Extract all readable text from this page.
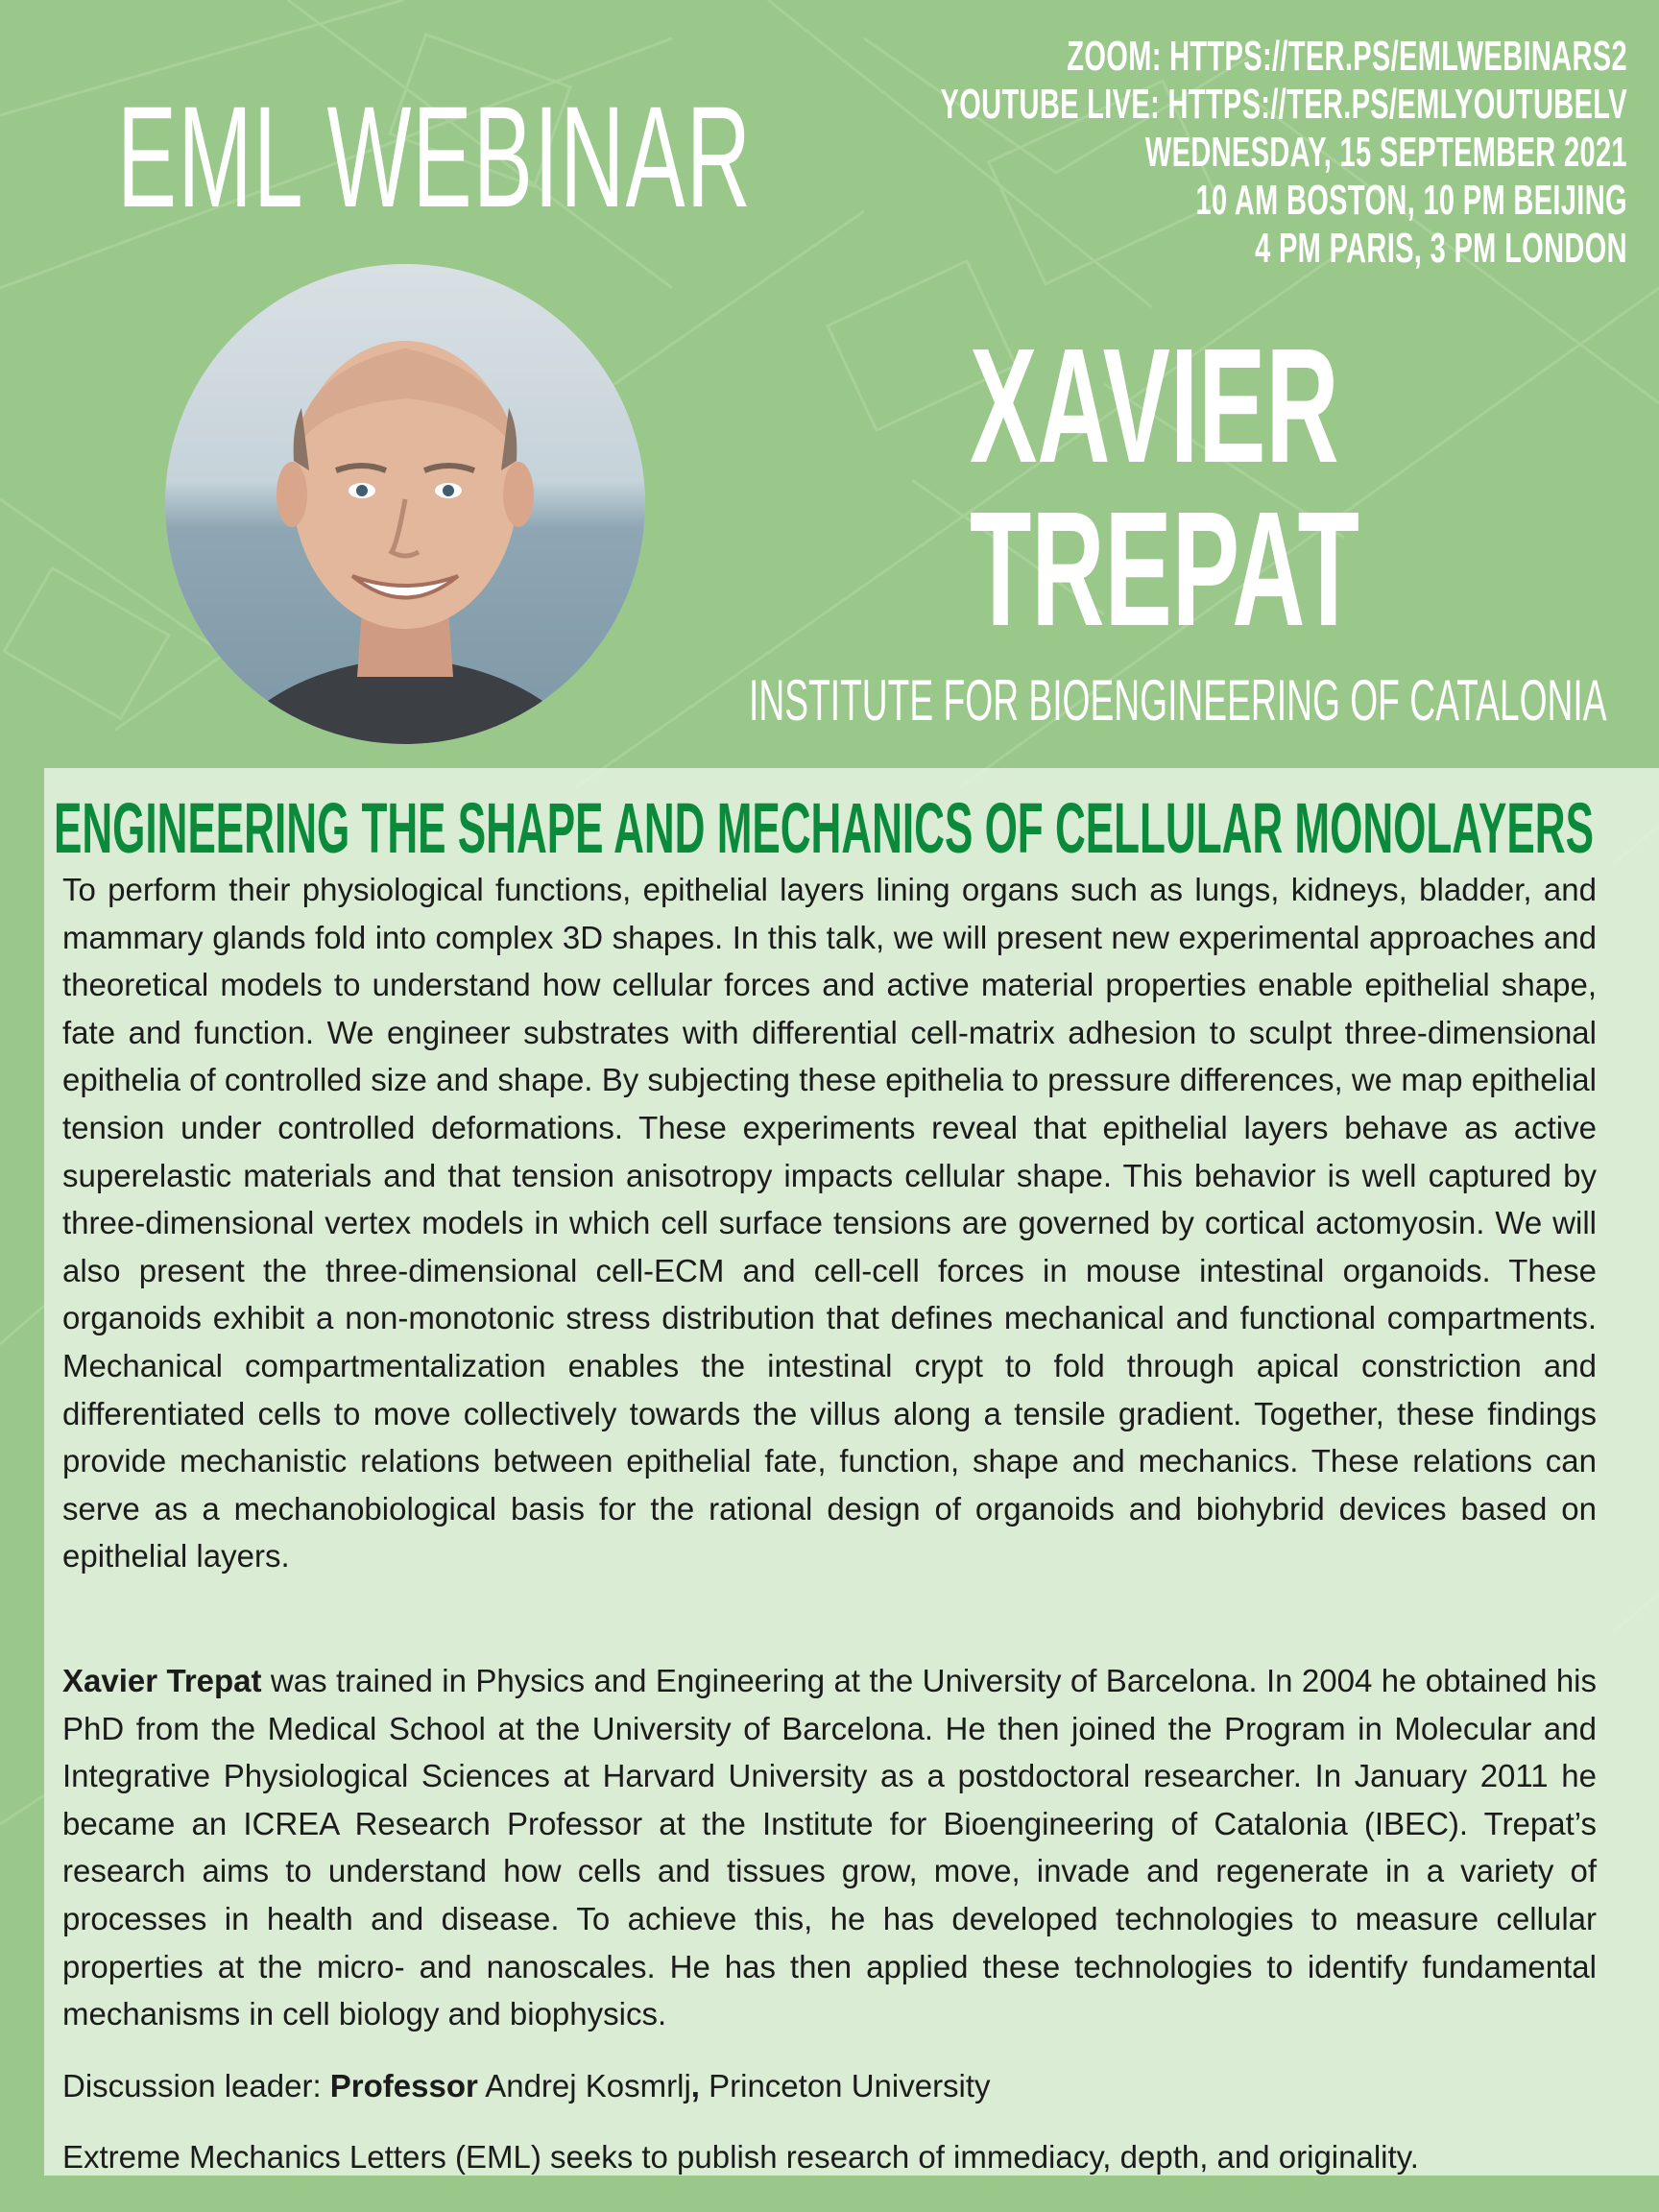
EML WEBINAR
ZOOM: HTTPS://TER.PS/EMLWEBINARS2
YOUTUBE LIVE: HTTPS://TER.PS/EMLYOUTUBELV
WEDNESDAY, 15 SEPTEMBER 2021
10 AM BOSTON, 10 PM BEIJING
4 PM PARIS, 3 PM LONDON
XAVIER
TREPAT
INSTITUTE FOR BIOENGINEERING OF CATALONIA
ENGINEERING THE SHAPE AND MECHANICS OF CELLULAR MONOLAYERS
To perform their physiological functions, epithelial layers lining organs such as lungs, kidneys, bladder, and mammary glands fold into complex 3D shapes. In this talk, we will present new experimental approaches and theoretical models to understand how cellular forces and active material properties enable epithelial shape, fate and function. We engineer substrates with differential cell-matrix adhesion to sculpt three-dimensional epithelia of controlled size and shape. By subjecting these epithelia to pressure differences, we map epithelial tension under controlled deformations. These experiments reveal that epithelial layers behave as active superelastic materials and that tension anisotropy impacts cellular shape. This behavior is well captured by three-dimensional vertex models in which cell surface tensions are governed by cortical actomyosin. We will also present the three-dimensional cell-ECM and cell-cell forces in mouse intestinal organoids. These organoids exhibit a non-monotonic stress distribution that defines mechanical and functional compartments. Mechanical compartmentalization enables the intestinal crypt to fold through apical constriction and differentiated cells to move collectively towards the villus along a tensile gradient. Together, these findings provide mechanistic relations between epithelial fate, function, shape and mechanics. These relations can serve as a mechanobiological basis for the rational design of organoids and biohybrid devices based on epithelial layers.
Xavier Trepat was trained in Physics and Engineering at the University of Barcelona. In 2004 he obtained his PhD from the Medical School at the University of Barcelona. He then joined the Program in Molecular and Integrative Physiological Sciences at Harvard University as a postdoctoral researcher. In January 2011 he became an ICREA Research Professor at the Institute for Bioengineering of Catalonia (IBEC). Trepat’s research aims to understand how cells and tissues grow, move, invade and regenerate in a variety of processes in health and disease. To achieve this, he has developed technologies to measure cellular properties at the micro- and nanoscales. He has then applied these technologies to identify fundamental mechanisms in cell biology and biophysics.
Discussion leader: Professor Andrej Kosmrlj, Princeton University
Extreme Mechanics Letters (EML) seeks to publish research of immediacy, depth, and originality.
